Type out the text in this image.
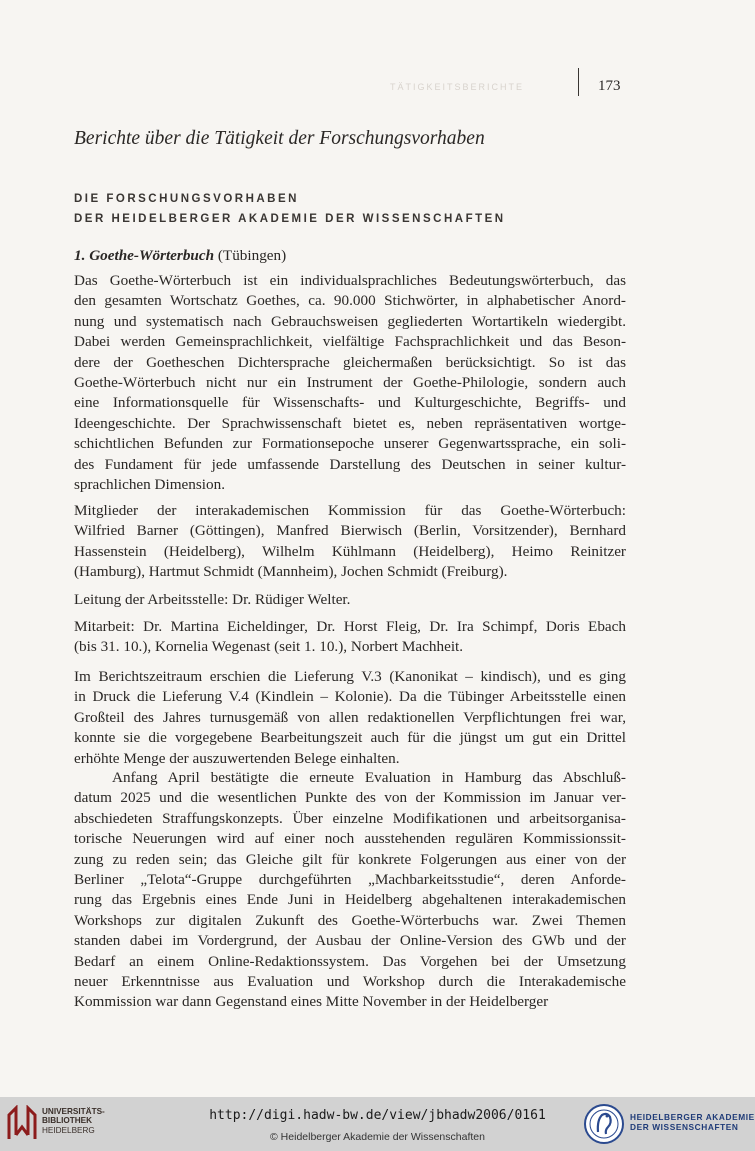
TÄTIGKEITSBERICHTE	173
Berichte über die Tätigkeit der Forschungsvorhaben
DIE FORSCHUNGSVORHABEN
DER HEIDELBERGER AKADEMIE DER WISSENSCHAFTEN
1. Goethe-Wörterbuch (Tübingen)
Das Goethe-Wörterbuch ist ein individualsprachliches Bedeutungswörterbuch, das
den gesamten Wortschatz Goethes, ca. 90.000 Stichwörter, in alphabetischer Anord-
nung und systematisch nach Gebrauchsweisen gegliederten Wortartikeln wiedergibt.
Dabei werden Gemeinsprachlichkeit, vielfältige Fachsprachlichkeit und das Beson-
dere der Goetheschen Dichtersprache gleichermaßen berücksichtigt. So ist das
Goethe-Wörterbuch nicht nur ein Instrument der Goethe-Philologie, sondern auch
eine Informationsquelle für Wissenschafts- und Kulturgeschichte, Begriffs- und
Ideengeschichte. Der Sprachwissenschaft bietet es, neben repräsentativen wortge-
schichtlichen Befunden zur Formationsepoche unserer Gegenwartssprache, ein soli-
des Fundament für jede umfassende Darstellung des Deutschen in seiner kultur-
sprachlichen Dimension.
Mitglieder der interakademischen Kommission für das Goethe-Wörterbuch:
Wilfried Barner (Göttingen), Manfred Bierwisch (Berlin, Vorsitzender), Bernhard
Hassenstein (Heidelberg), Wilhelm Kühlmann (Heidelberg), Heimo Reinitzer
(Hamburg), Hartmut Schmidt (Mannheim), Jochen Schmidt (Freiburg).
Leitung der Arbeitsstelle: Dr. Rüdiger Welter.
Mitarbeit: Dr. Martina Eicheldinger, Dr. Horst Fleig, Dr. Ira Schimpf, Doris Ebach
(bis 31. 10.), Kornelia Wegenast (seit 1. 10.), Norbert Machheit.
Im Berichtszeitraum erschien die Lieferung V.3 (Kanonikat – kindisch), und es ging
in Druck die Lieferung V.4 (Kindlein – Kolonie). Da die Tübinger Arbeitsstelle einen
Großteil des Jahres turnusgemäß von allen redaktionellen Verpflichtungen frei war,
konnte sie die vorgegebene Bearbeitungszeit auch für die jüngst um gut ein Drittel
erhöhte Menge der auszuwertenden Belege einhalten.
Anfang April bestätigte die erneute Evaluation in Hamburg das Abschluß-
datum 2025 und die wesentlichen Punkte des von der Kommission im Januar ver-
abschiedeten Straffungskonzepts. Über einzelne Modifikationen und arbeitsorganisa-
torische Neuerungen wird auf einer noch ausstehenden regulären Kommissionssit-
zung zu reden sein; das Gleiche gilt für konkrete Folgerungen aus einer von der
Berliner „Telota“-Gruppe durchgeführten „Machbarkeitsstudie“, deren Anforde-
rung das Ergebnis eines Ende Juni in Heidelberg abgehaltenen interakademischen
Workshops zur digitalen Zukunft des Goethe-Wörterbuchs war. Zwei Themen
standen dabei im Vordergrund, der Ausbau der Online-Version des GWb und der
Bedarf an einem Online-Redaktionssystem. Das Vorgehen bei der Umsetzung
neuer Erkenntnisse aus Evaluation und Workshop durch die Interakademische
Kommission war dann Gegenstand eines Mitte November in der Heidelberger
UNIVERSITÄTS-
BIBLIOTHEK
HEIDELBERG
http://digi.hadw-bw.de/view/jbhadw2006/0161
© Heidelberger Akademie der Wissenschaften
HEIDELBERGER AKADEMIE
DER WISSENSCHAFTEN
